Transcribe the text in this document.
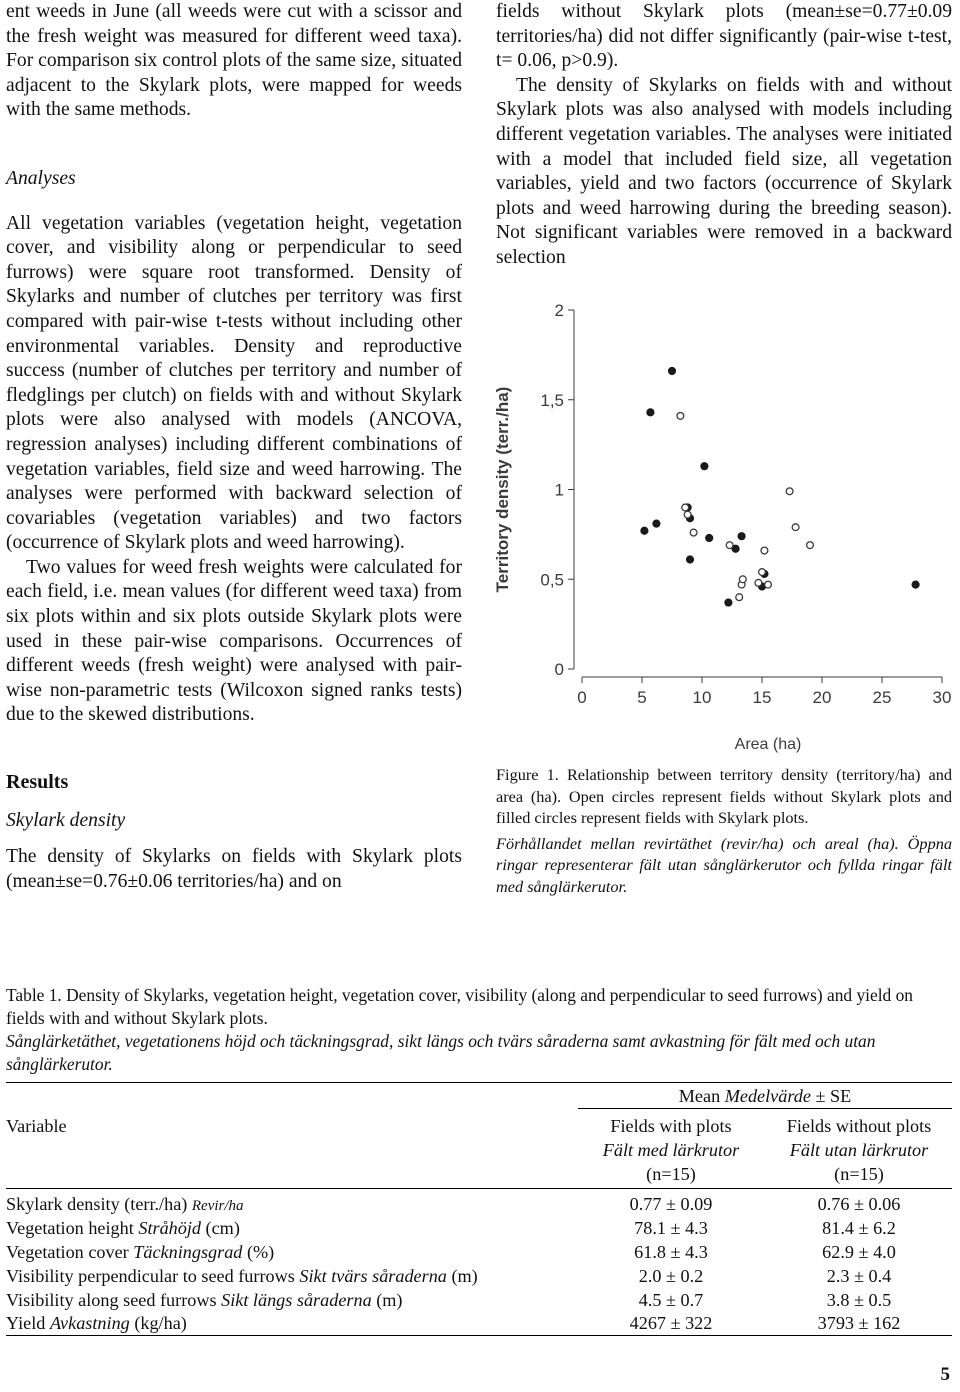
ent weeds in June (all weeds were cut with a scissor and the fresh weight was measured for different weed taxa). For comparison six control plots of the same size, situated adjacent to the Skylark plots, were mapped for weeds with the same methods.

Analyses

All vegetation variables (vegetation height, vegetation cover, and visibility along or perpendicular to seed furrows) were square root transformed. Density of Skylarks and number of clutches per territory was first compared with pair-wise t-tests without including other environmental variables. Density and reproductive success (number of clutches per territory and number of fledglings per clutch) on fields with and without Skylark plots were also analysed with models (ANCOVA, regression analyses) including different combinations of vegetation variables, field size and weed harrowing. The analyses were performed with backward selection of covariables (vegetation variables) and two factors (occurrence of Skylark plots and weed harrowing).

Two values for weed fresh weights were calculated for each field, i.e. mean values (for different weed taxa) from six plots within and six plots outside Skylark plots were used in these pair-wise comparisons. Occurrences of different weeds (fresh weight) were analysed with pair-wise non-parametric tests (Wilcoxon signed ranks tests) due to the skewed distributions.

Results

Skylark density

The density of Skylarks on fields with Skylark plots (mean±se=0.76±0.06 territories/ha) and on

fields without Skylark plots (mean±se=0.77±0.09 territories/ha) did not differ significantly (pair-wise t-test, t= 0.06, p>0.9).

The density of Skylarks on fields with and without Skylark plots was also analysed with models including different vegetation variables. The analyses were initiated with a model that included field size, all vegetation variables, yield and two factors (occurrence of Skylark plots and weed harrowing during the breeding season). Not significant variables were removed in a backward selection

0	5	10 15 20 25 30
0
0,5
1
1,5
2
Area (ha)
Territory density (terr./ha)

Figure 1. Relationship between territory density (territory/ha) and area (ha). Open circles represent fields without Skylark plots and filled circles represent fields with Skylark plots.

Förhållandet mellan revirtäthet (revir/ha) och areal (ha). Öppna ringar representerar fält utan sånglärkerutor och fyllda ringar fält med sånglärkerutor.

Table 1. Density of Skylarks, vegetation height, vegetation cover, visibility (along and perpendicular to seed furrows) and yield on fields with and without Skylark plots.

Sånglärketäthet, vegetationens höjd och täckningsgrad, sikt längs och tvärs såraderna samt avkastning för fält med och utan sånglärkerutor.

Mean Medelvärde ± SE
Variable	Fields with plots
Fält med lärkrutor
(n=15)
Fields without plots
Fält utan lärkrutor
(n=15)
Skylark density (terr./ha) Revir/ha	0.77 ± 0.09	0.76 ± 0.06
Vegetation height Stråhöjd (cm)	78.1 ± 4.3	81.4 ± 6.2
Vegetation cover Täckningsgrad (%)	61.8 ± 4.3	62.9 ± 4.0
Visibility perpendicular to seed furrows Sikt tvärs såraderna (m)	2.0 ± 0.2	2.3 ± 0.4
Visibility along seed furrows Sikt längs såraderna (m)	4.5 ± 0.7	3.8 ± 0.5
Yield Avkastning (kg/ha)	4267 ± 322	3793 ± 162
5
